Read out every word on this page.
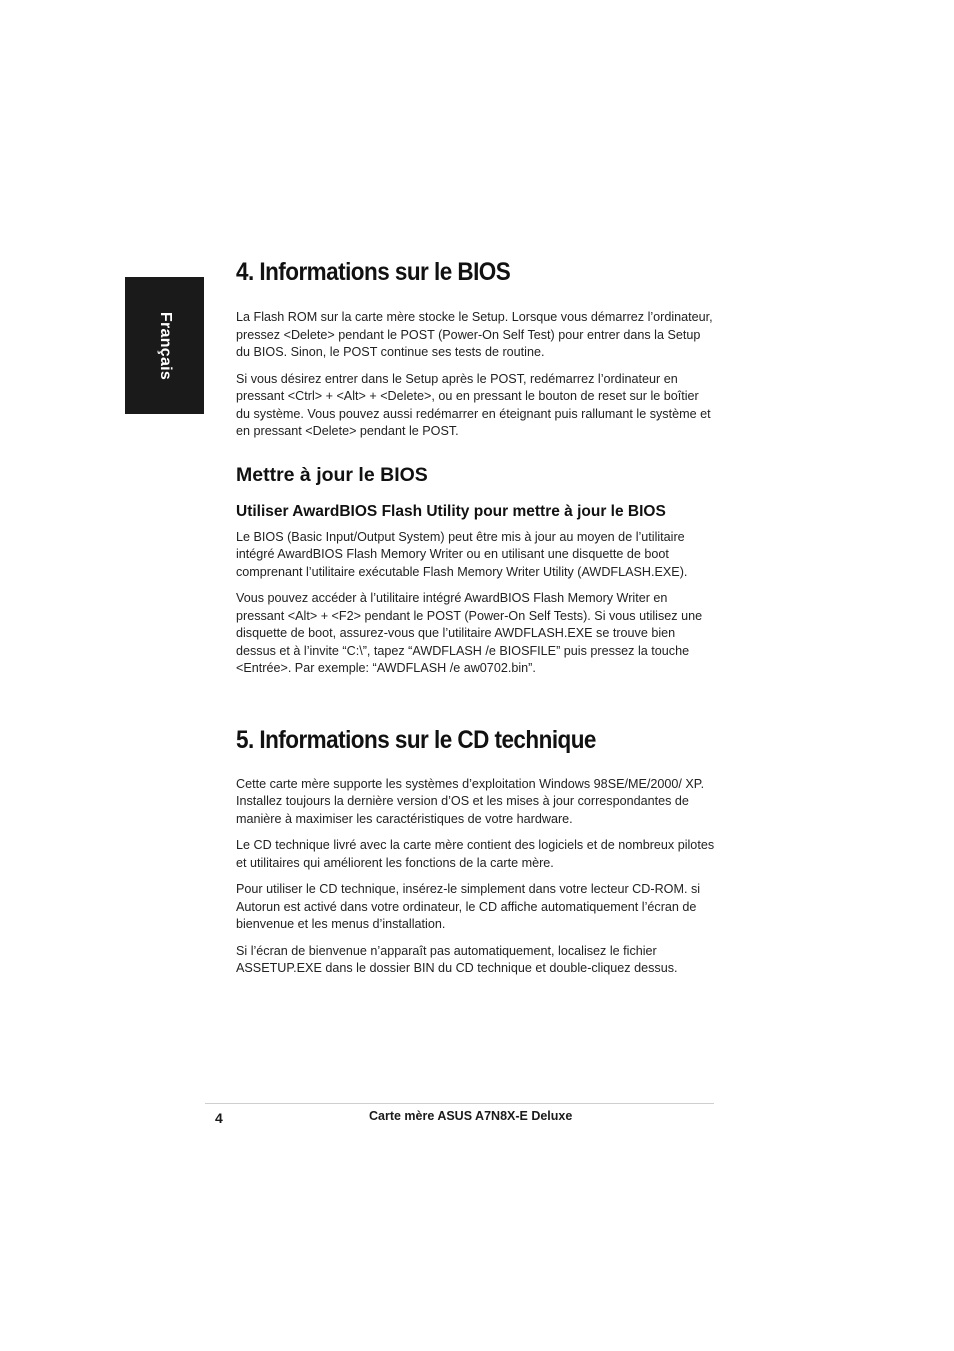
Français
4. Informations sur le BIOS

La Flash ROM sur la carte mère stocke le Setup. Lorsque vous démarrez l’ordinateur, pressez <Delete> pendant le POST (Power-On Self Test) pour entrer dans la Setup du BIOS. Sinon, le POST continue ses tests de routine.

Si vous désirez entrer dans le Setup après le POST, redémarrez l’ordinateur en pressant <Ctrl> + <Alt> + <Delete>, ou en pressant le bouton de reset sur le boîtier du système. Vous pouvez aussi redémarrer en éteignant puis rallumant le système et en pressant <Delete> pendant le POST.

Mettre à jour le BIOS
Utiliser AwardBIOS Flash Utility pour mettre à jour le BIOS

Le BIOS (Basic Input/Output System) peut être mis à jour au moyen de l’utilitaire intégré AwardBIOS Flash Memory Writer ou en utilisant une disquette de boot comprenant l’utilitaire exécutable Flash Memory Writer Utility (AWDFLASH.EXE).

Vous pouvez accéder à l’utilitaire intégré AwardBIOS Flash Memory Writer en pressant <Alt> + <F2> pendant le POST (Power-On Self Tests). Si vous utilisez une disquette de boot, assurez-vous que l’utilitaire AWDFLASH.EXE se trouve bien dessus et à l’invite “C:\”, tapez “AWDFLASH /e BIOSFILE” puis pressez la touche <Entrée>. Par exemple: “AWDFLASH /e aw0702.bin”.

5. Informations sur le CD technique

Cette carte mère supporte les systèmes d’exploitation Windows 98SE/ME/2000/ XP. Installez toujours la dernière version d’OS et les mises à jour correspondantes de manière à maximiser les caractéristiques de votre hardware.

Le CD technique livré avec la carte mère contient des logiciels et de nombreux pilotes et utilitaires qui améliorent les fonctions de la carte mère.

Pour utiliser le CD technique, insérez-le simplement dans votre lecteur CD-ROM. si Autorun est activé dans votre ordinateur, le CD affiche automatiquement l’écran de bienvenue et les menus d’installation.

Si l’écran de bienvenue n’apparaît pas automatiquement, localisez le fichier ASSETUP.EXE dans le dossier BIN du CD technique et double-cliquez dessus.

4	Carte mère ASUS A7N8X-E Deluxe
